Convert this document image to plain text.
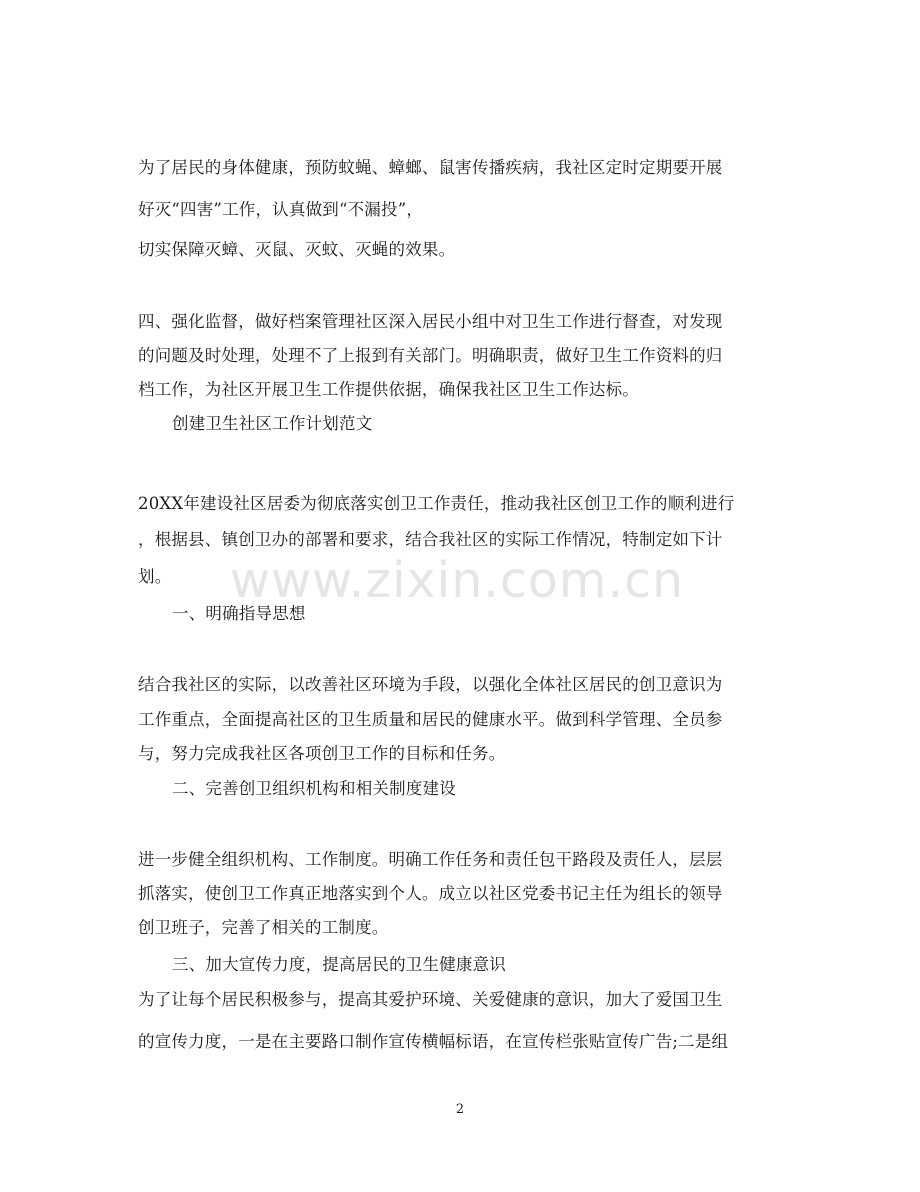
为了居民的身体健康，预防蚊蝇、蟑螂、鼠害传播疾病，我社区定时定期要开展
好灭“四害”工作，认真做到“不漏投”，
切实保障灭蟑、灭鼠、灭蚊、灭蝇的效果。
四、强化监督，做好档案管理社区深入居民小组中对卫生工作进行督查，对发现
的问题及时处理，处理不了上报到有关部门。明确职责，做好卫生工作资料的归
档工作，为社区开展卫生工作提供依据，确保我社区卫生工作达标。
创建卫生社区工作计划范文
20XX年建设社区居委为彻底落实创卫工作责任，推动我社区创卫工作的顺利进行
，根据县、镇创卫办的部署和要求，结合我社区的实际工作情况，特制定如下计
划。
一、明确指导思想
结合我社区的实际，以改善社区环境为手段，以强化全体社区居民的创卫意识为
工作重点，全面提高社区的卫生质量和居民的健康水平。做到科学管理、全员参
与，努力完成我社区各项创卫工作的目标和任务。
二、完善创卫组织机构和相关制度建设
进一步健全组织机构、工作制度。明确工作任务和责任包干路段及责任人，层层
抓落实，使创卫工作真正地落实到个人。成立以社区党委书记主任为组长的领导
创卫班子，完善了相关的工制度。
三、加大宣传力度，提高居民的卫生健康意识
为了让每个居民积极参与，提高其爱护环境、关爱健康的意识，加大了爱国卫生
的宣传力度，一是在主要路口制作宣传横幅标语，在宣传栏张贴宣传广告;二是组
www.zixin.com.cn
2
